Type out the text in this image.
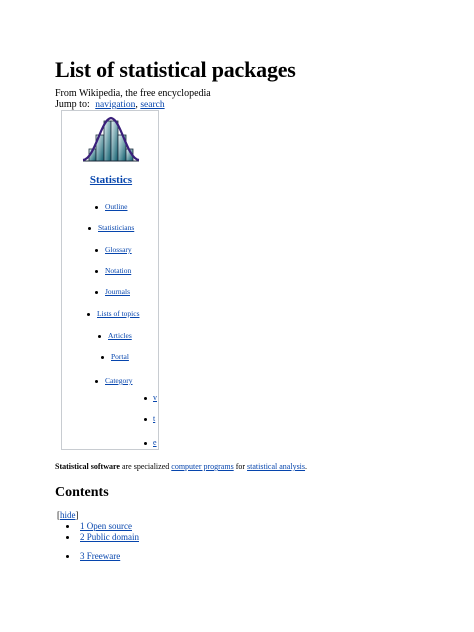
List of statistical packages
From Wikipedia, the free encyclopedia
Jump to: navigation, search
Statistics
Outline
Statisticians
Glossary
Notation
Journals
Lists of topics
Articles
Portal
Category
v
t
e
Statistical software are specialized computer programs for statistical analysis.
Contents
[hide]
1 Open source
2 Public domain
3 Freeware
